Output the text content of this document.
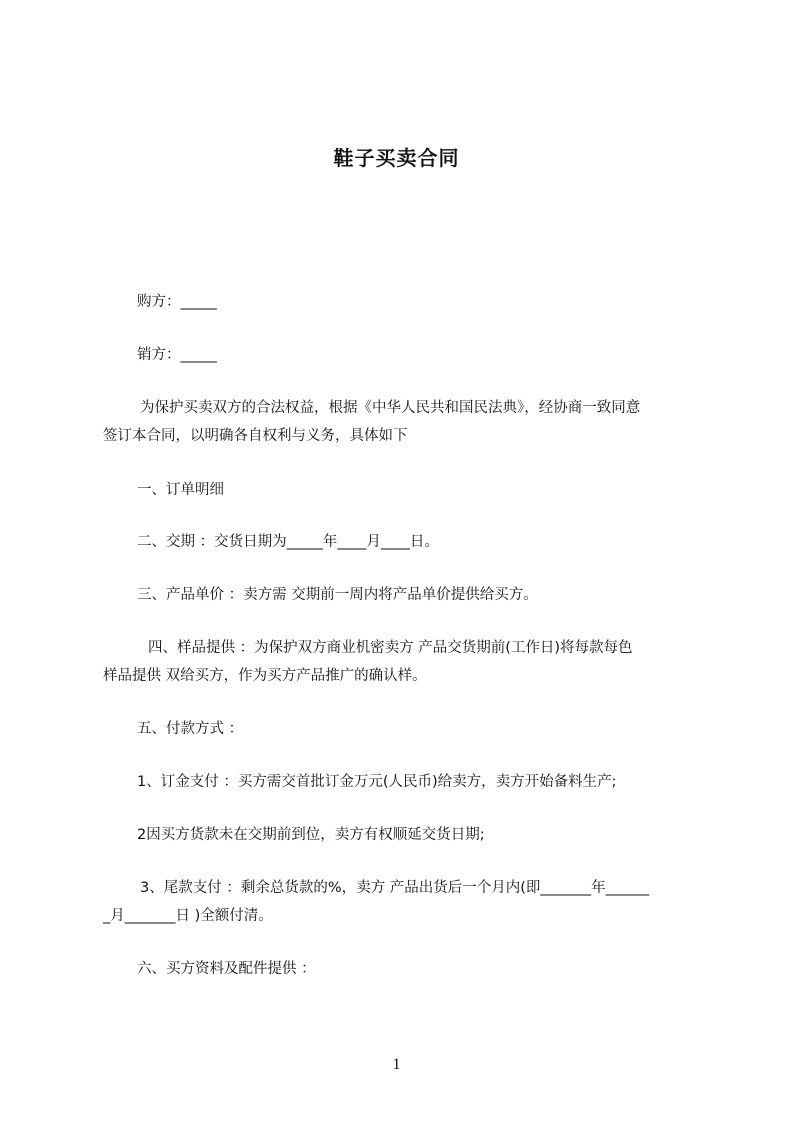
鞋子买卖合同
购方：_____
销方：_____
为保护买卖双方的合法权益，根据《中华人民共和国民法典》，经协商一致同意
签订本合同，以明确各自权利与义务，具体如下
一、订单明细
二、交期 ：交货日期为_____年____月____日。
三、产品单价 ：卖方需 交期前一周内将产品单价提供给买方。
四、样品提供 ：为保护双方商业机密卖方 产品交货期前(工作日)将每款每色
样品提供 双给买方，作为买方产品推广的确认样。
五、付款方式 ：
1、订金支付 ：买方需交首批订金万元(人民币)给卖方，卖方开始备料生产;
2因买方货款未在交期前到位，卖方有权顺延交货日期;
3、尾款支付 ：剩余总货款的%，卖方 产品出货后一个月内(即_______年______
_月_______日 )全额付清。
六、买方资料及配件提供 ：
1
